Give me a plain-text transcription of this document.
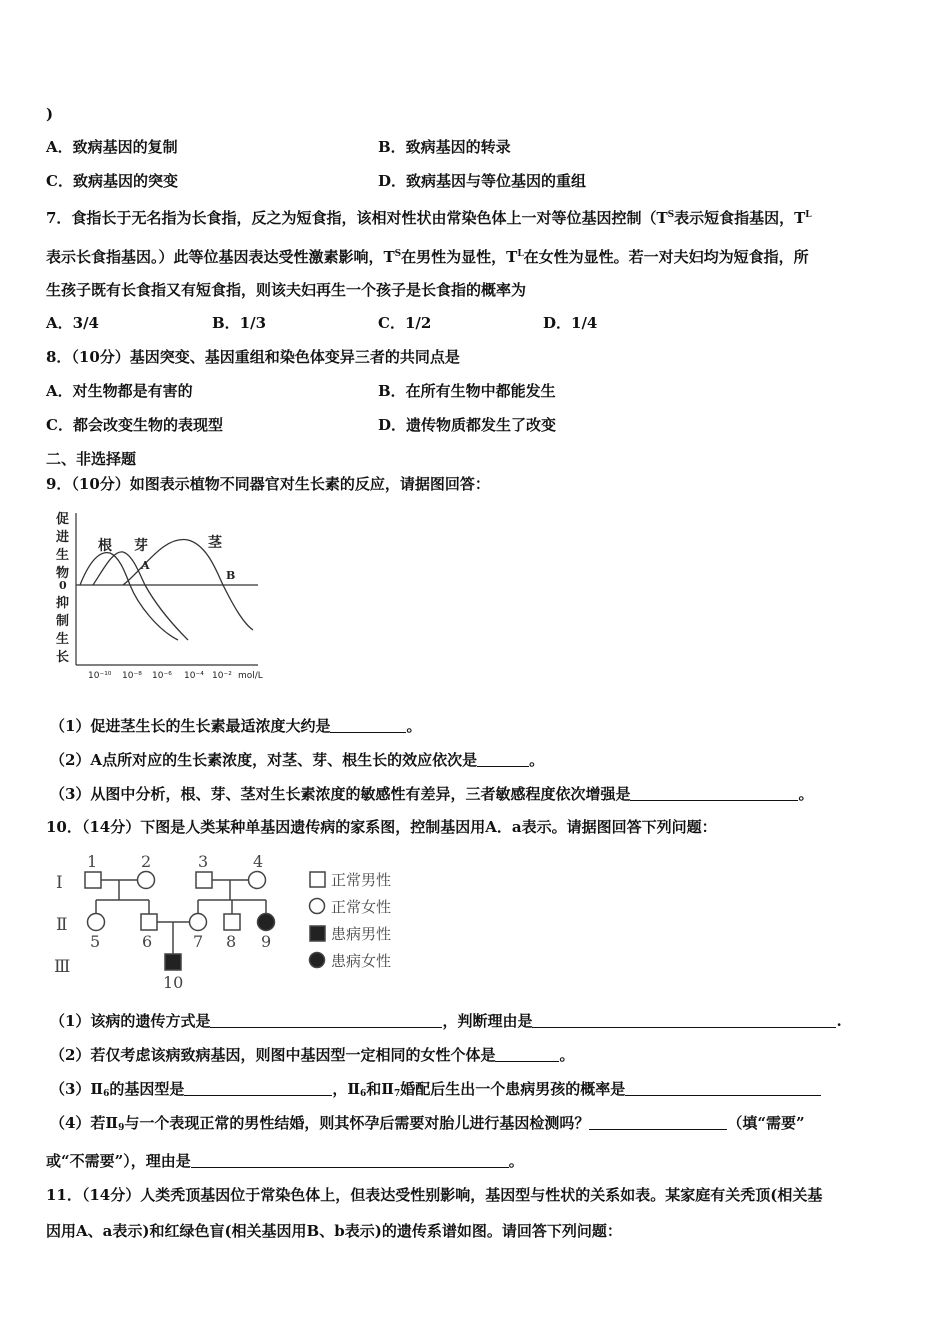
)
A．致病基因的复制	B．致病基因的转录
C．致病基因的突变	D．致病基因与等位基因的重组
7．食指长于无名指为长食指，反之为短食指，该相对性状由常染色体上一对等位基因控制（$T^S$表示短食指基因，$T^L$
表示长食指基因。）此等位基因表达受性激素影响，$T^S$在男性为显性，$T^L$在女性为显性。若一对夫妇均为短食指，所
生孩子既有长食指又有短食指，则该夫妇再生一个孩子是长食指的概率为
A．3/4	B．1/3	C．1/2	D．1/4
8．（10分）基因突变、基因重组和染色体变异三者的共同点是
A．对生物都是有害的	B．在所有生物中都能发生
C．都会改变生物的表现型	D．遗传物质都发生了改变
二、非选择题
9．（10分）如图表示植物不同器官对生长素的反应，请据图回答：
促
进
生
物
0
抑
制
生
长
根 芽	茎
A
B
10⁻¹⁰ 10⁻⁸ 10⁻⁶ 10⁻⁴ 10⁻² mol/L
（1）促进茎生长的生长素最适浓度大约是	。
（2）A点所对应的生长素浓度，对茎、芽、根生长的效应依次是	。
（3）从图中分析，根、芽、茎对生长素浓度的敏感性有差异，三者敏感程度依次增强是	。
10．（14分）下图是人类某种单基因遗传病的家系图，控制基因用A．a表示。请据图回答下列问题：
Ⅰ
Ⅱ
Ⅲ
1	2	3	4
5	6	7 8 9
10
正常男性
正常女性
患病男性
患病女性
（1）该病的遗传方式是	，判断理由是	.
（2）若仅考虑该病致病基因，则图中基因型一定相同的女性个体是	。
$(3)Ⅱ_6$的基因型是	，$Ⅱ_6$和$Ⅱ_7$婚配后生出一个患病男孩的概率是
（4）若$Ⅱ_9$与一个表现正常的男性结婚，则其怀孕后需要对胎儿进行基因检测吗？	（填“需要”
或“不需要”），理由是	。
11．（14分）人类秃顶基因位于常染色体上，但表达受性别影响，基因型与性状的关系如表。某家庭有关秃顶(相关基
因用A、a表示)和红绿色盲(相关基因用B、b表示)的遗传系谱如图。请回答下列问题：
